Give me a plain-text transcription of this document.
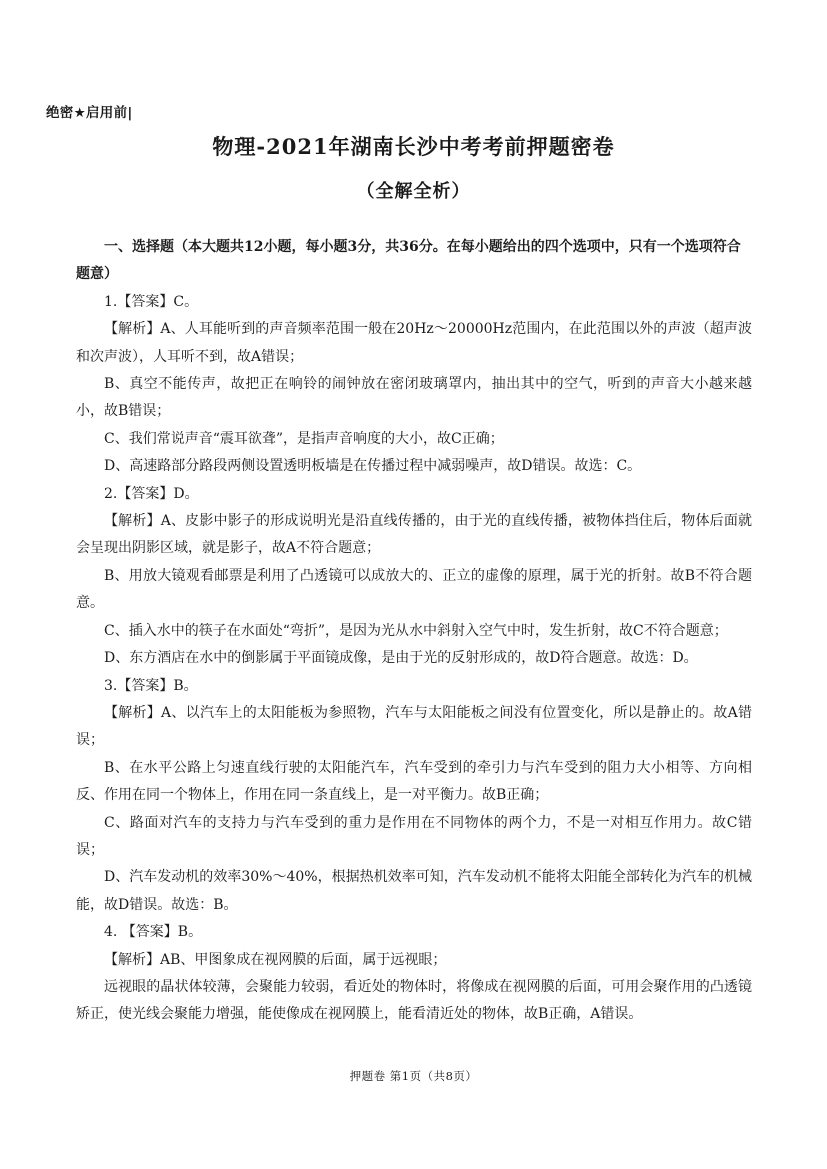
绝密★启用前|
物理-2021年湖南长沙中考考前押题密卷
（全解全析）
一、选择题（本大题共12小题，每小题3分，共36分。在每小题给出的四个选项中，只有一个选项符合题意）

1.【答案】C。

【解析】A、人耳能听到的声音频率范围一般在20Hz～20000Hz范围内，在此范围以外的声波（超声波和次声波），人耳听不到，故A错误；

B、真空不能传声，故把正在响铃的闹钟放在密闭玻璃罩内，抽出其中的空气，听到的声音大小越来越小，故B错误；

C、我们常说声音“震耳欲聋”，是指声音响度的大小，故C正确；

D、高速路部分路段两侧设置透明板墙是在传播过程中减弱噪声，故D错误。故选：C。

2.【答案】D。

【解析】A、皮影中影子的形成说明光是沿直线传播的，由于光的直线传播，被物体挡住后，物体后面就会呈现出阴影区域，就是影子，故A不符合题意；

B、用放大镜观看邮票是利用了凸透镜可以成放大的、正立的虚像的原理，属于光的折射。故B不符合题意。

C、插入水中的筷子在水面处“弯折”，是因为光从水中斜射入空气中时，发生折射，故C不符合题意；

D、东方酒店在水中的倒影属于平面镜成像，是由于光的反射形成的，故D符合题意。故选：D。

3.【答案】B。

【解析】A、以汽车上的太阳能板为参照物，汽车与太阳能板之间没有位置变化，所以是静止的。故A错误；

B、在水平公路上匀速直线行驶的太阳能汽车，汽车受到的牵引力与汽车受到的阻力大小相等、方向相反、作用在同一个物体上，作用在同一条直线上，是一对平衡力。故B正确；

C、路面对汽车的支持力与汽车受到的重力是作用在不同物体的两个力，不是一对相互作用力。故C错误；

D、汽车发动机的效率30%～40%，根据热机效率可知，汽车发动机不能将太阳能全部转化为汽车的机械能，故D错误。故选：B。

4. 【答案】B。

【解析】AB、甲图象成在视网膜的后面，属于远视眼；

远视眼的晶状体较薄，会聚能力较弱，看近处的物体时，将像成在视网膜的后面，可用会聚作用的凸透镜矫正，使光线会聚能力增强，能使像成在视网膜上，能看清近处的物体，故B正确，A错误。

押题卷 第1页（共8页）
